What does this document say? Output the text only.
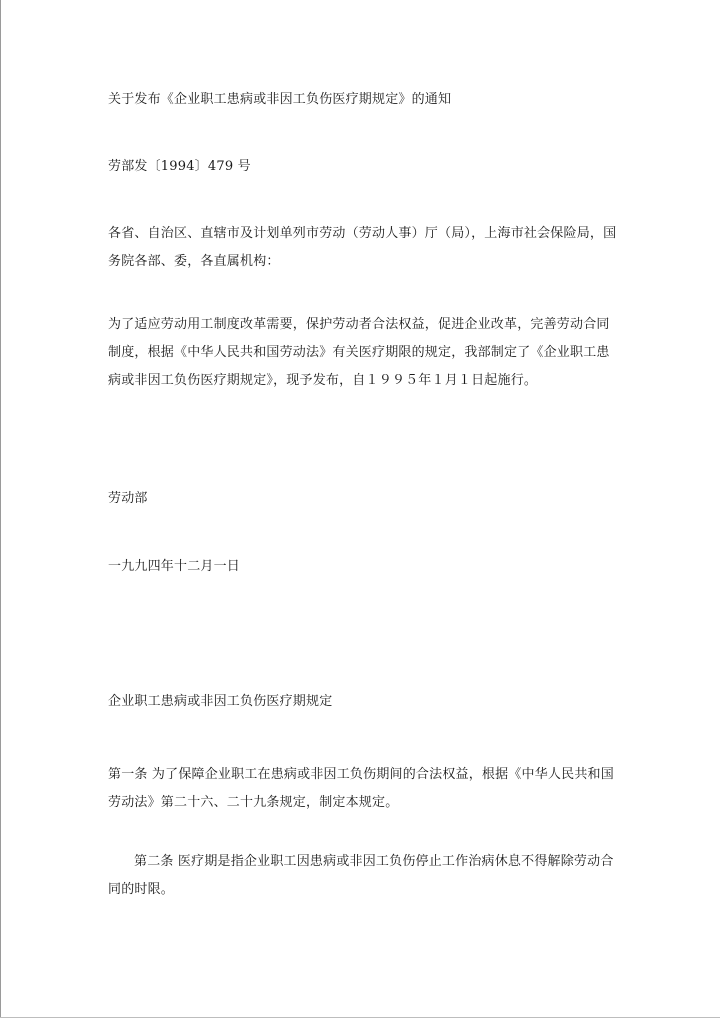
关于发布《企业职工患病或非因工负伤医疗期规定》的通知
劳部发〔1994〕479 号
各省、自治区、直辖市及计划单列市劳动（劳动人事）厅（局），上海市社会保险局，国务院各部、委，各直属机构：
为了适应劳动用工制度改革需要，保护劳动者合法权益，促进企业改革，完善劳动合同制度，根据《中华人民共和国劳动法》有关医疗期限的规定，我部制定了《企业职工患病或非因工负伤医疗期规定》，现予发布，自１９９５年１月１日起施行。
劳动部
一九九四年十二月一日
企业职工患病或非因工负伤医疗期规定
第一条 为了保障企业职工在患病或非因工负伤期间的合法权益，根据《中华人民共和国劳动法》第二十六、二十九条规定，制定本规定。
第二条 医疗期是指企业职工因患病或非因工负伤停止工作治病休息不得解除劳动合同的时限。
